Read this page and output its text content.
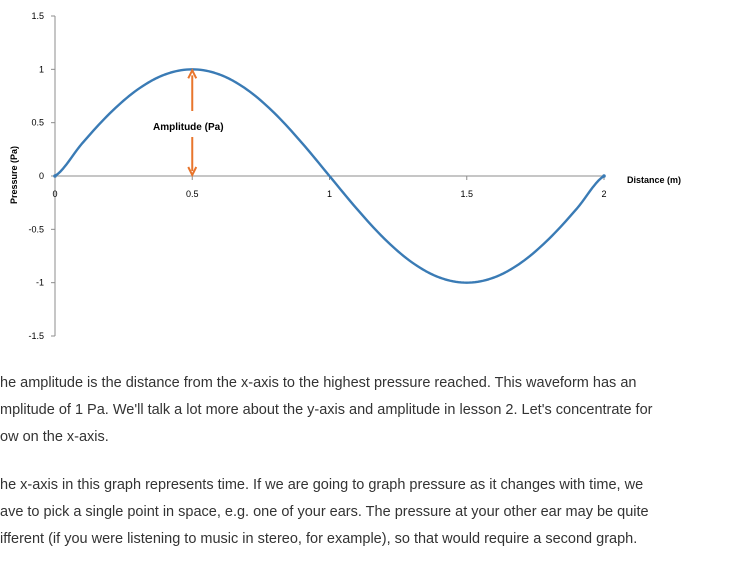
1.5
1
0.5
0
-0.5
-1
-1.5
0	0.5	1	1.5	2
Amplitude (Pa)
Pressure (Pa)	Distance (m)

he amplitude is the distance from the x-axis to the highest pressure reached. This waveform has an
mplitude of 1 Pa. We'll talk a lot more about the y-axis and amplitude in lesson 2. Let's concentrate for
ow on the x-axis.

he x-axis in this graph represents time. If we are going to graph pressure as it changes with time, we
ave to pick a single point in space, e.g. one of your ears. The pressure at your other ear may be quite
ifferent (if you were listening to music in stereo, for example), so that would require a second graph.
